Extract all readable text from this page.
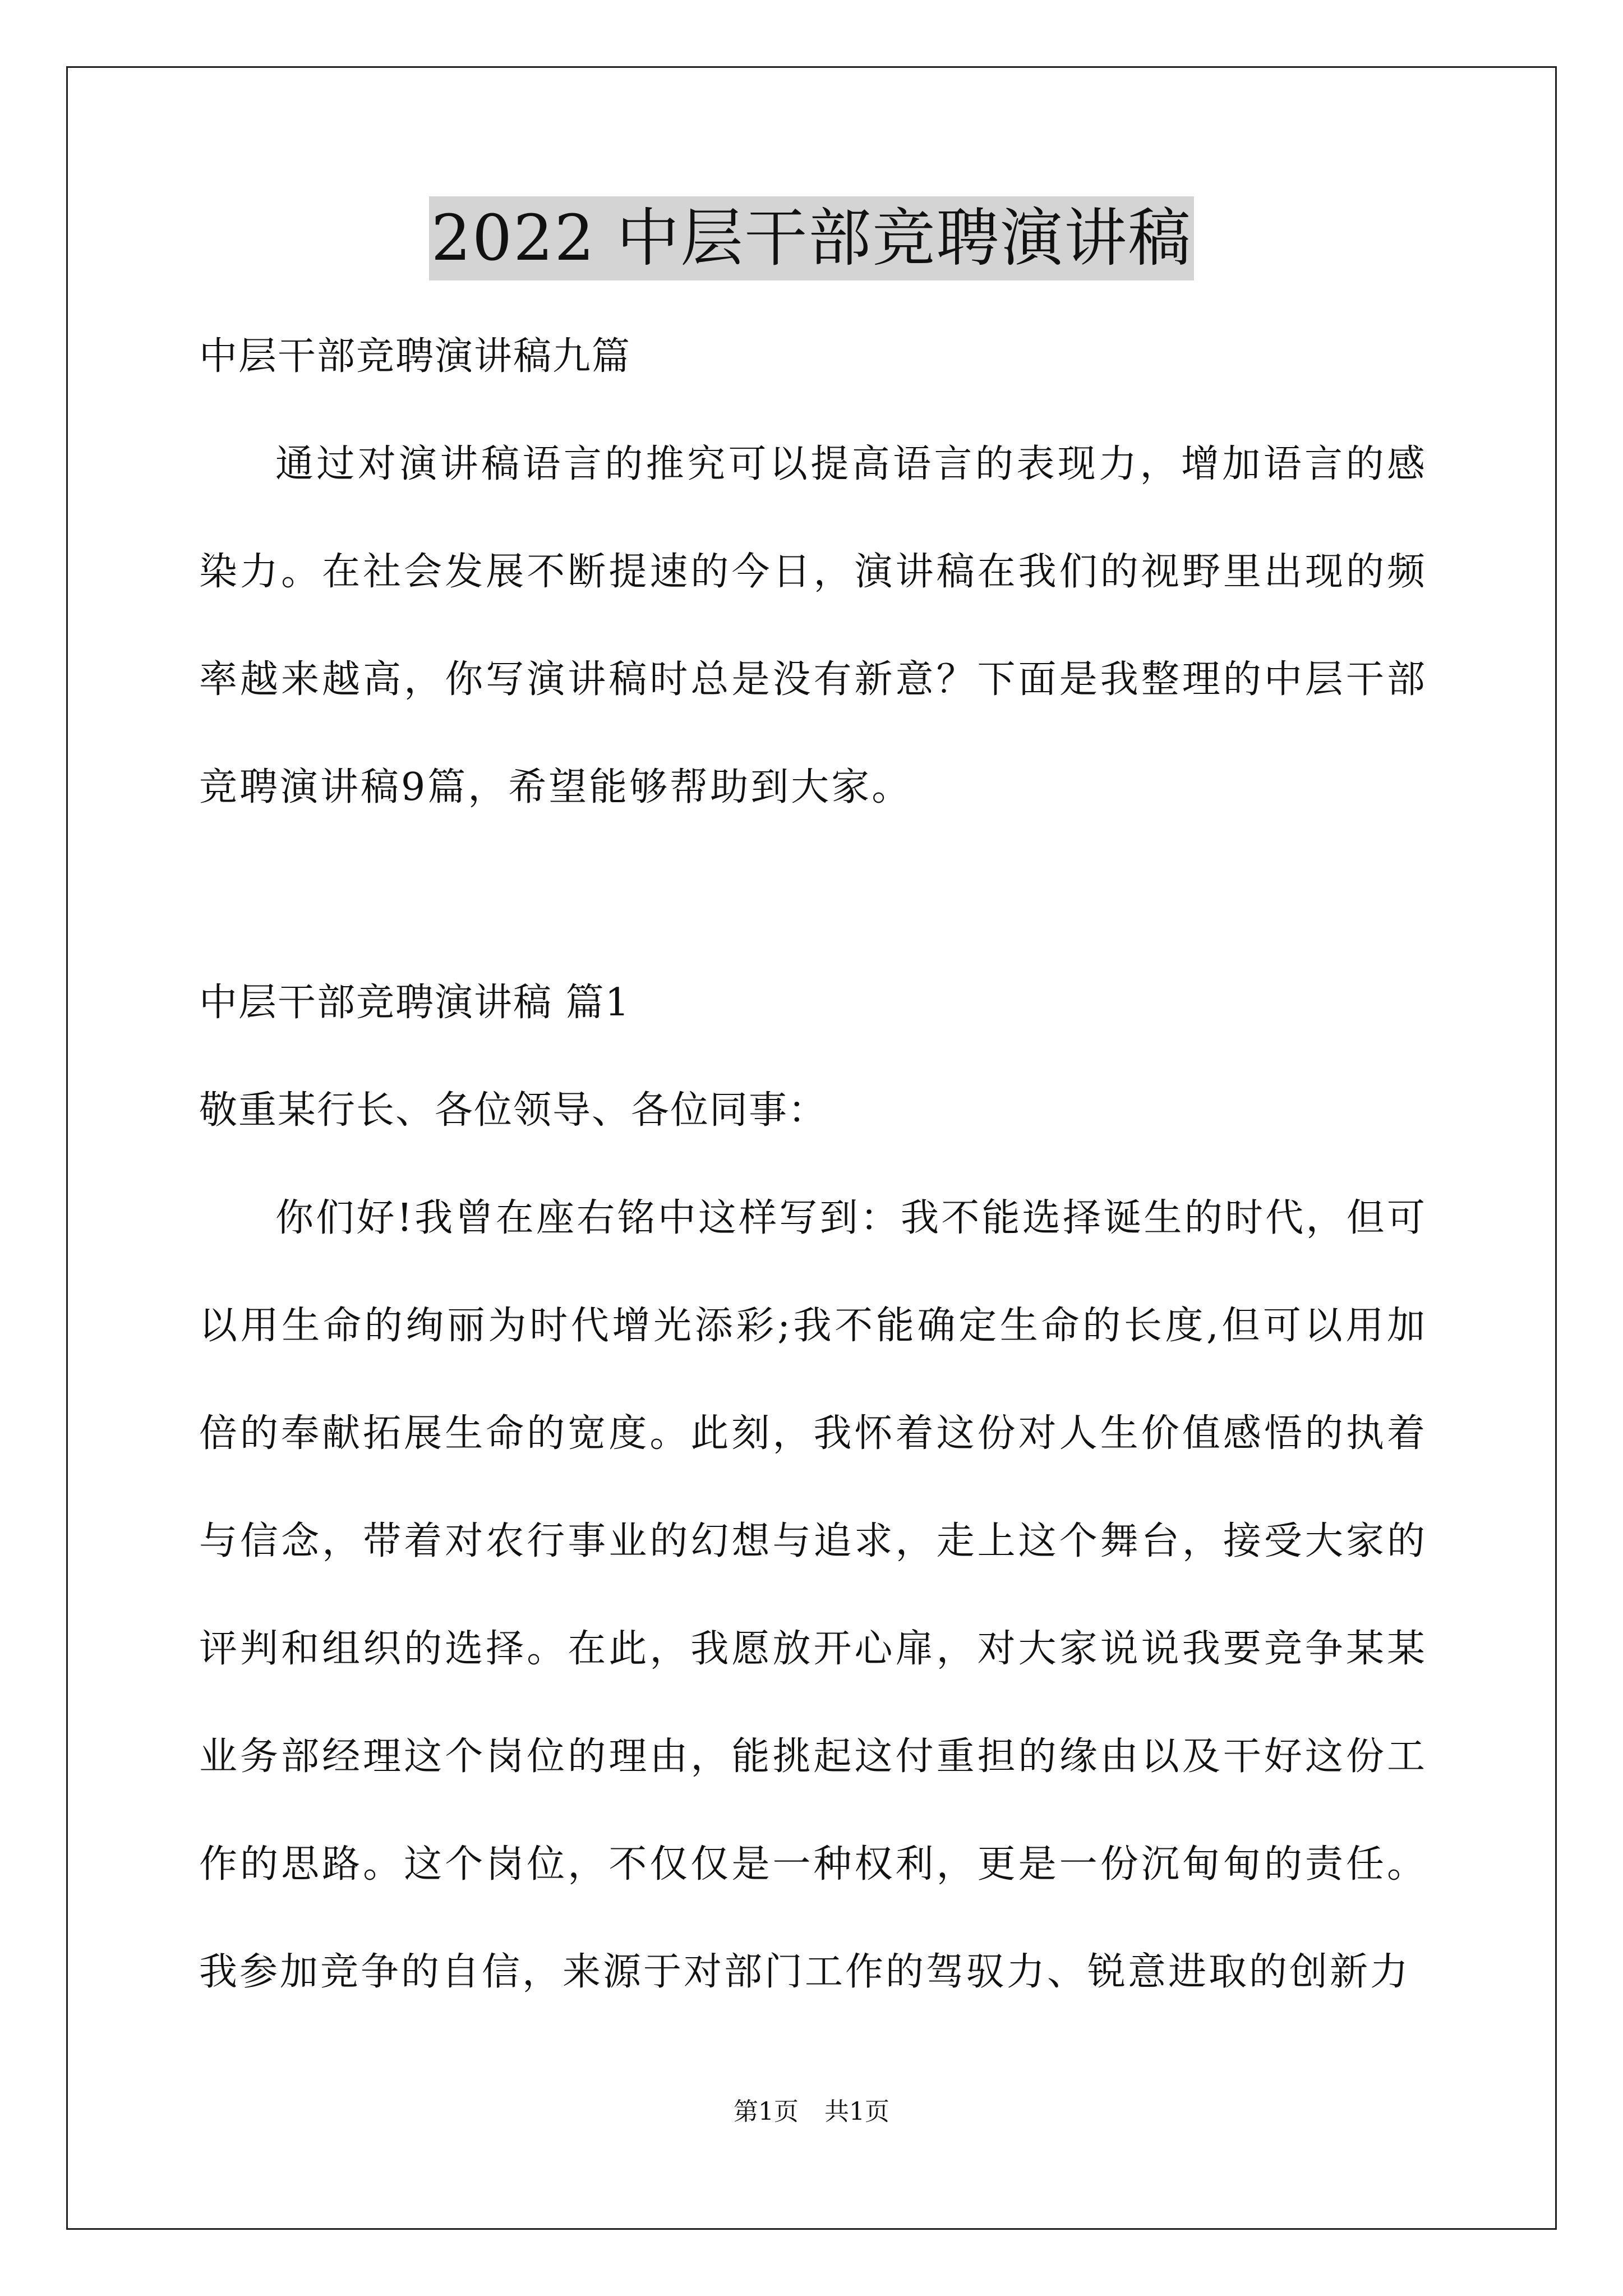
2022 中层干部竞聘演讲稿

中层干部竞聘演讲稿九篇

通过对演讲稿语言的推究可以提高语言的表现力，增加语言的感染力。在社会发展不断提速的今日，演讲稿在我们的视野里出现的频率越来越高，你写演讲稿时总是没有新意？下面是我整理的中层干部竞聘演讲稿9篇，希望能够帮助到大家。

中层干部竞聘演讲稿 篇1

敬重某行长、各位领导、各位同事：

你们好!我曾在座右铭中这样写到：我不能选择诞生的时代，但可以用生命的绚丽为时代增光添彩;我不能确定生命的长度,但可以用加倍的奉献拓展生命的宽度。此刻，我怀着这份对人生价值感悟的执着与信念，带着对农行事业的幻想与追求，走上这个舞台，接受大家的评判和组织的选择。在此，我愿放开心扉，对大家说说我要竞争某某业务部经理这个岗位的理由，能挑起这付重担的缘由以及干好这份工作的思路。这个岗位，不仅仅是一种权利，更是一份沉甸甸的责任。我参加竞争的自信，来源于对部门工作的驾驭力、锐意进取的创新力

第1页 共1页
